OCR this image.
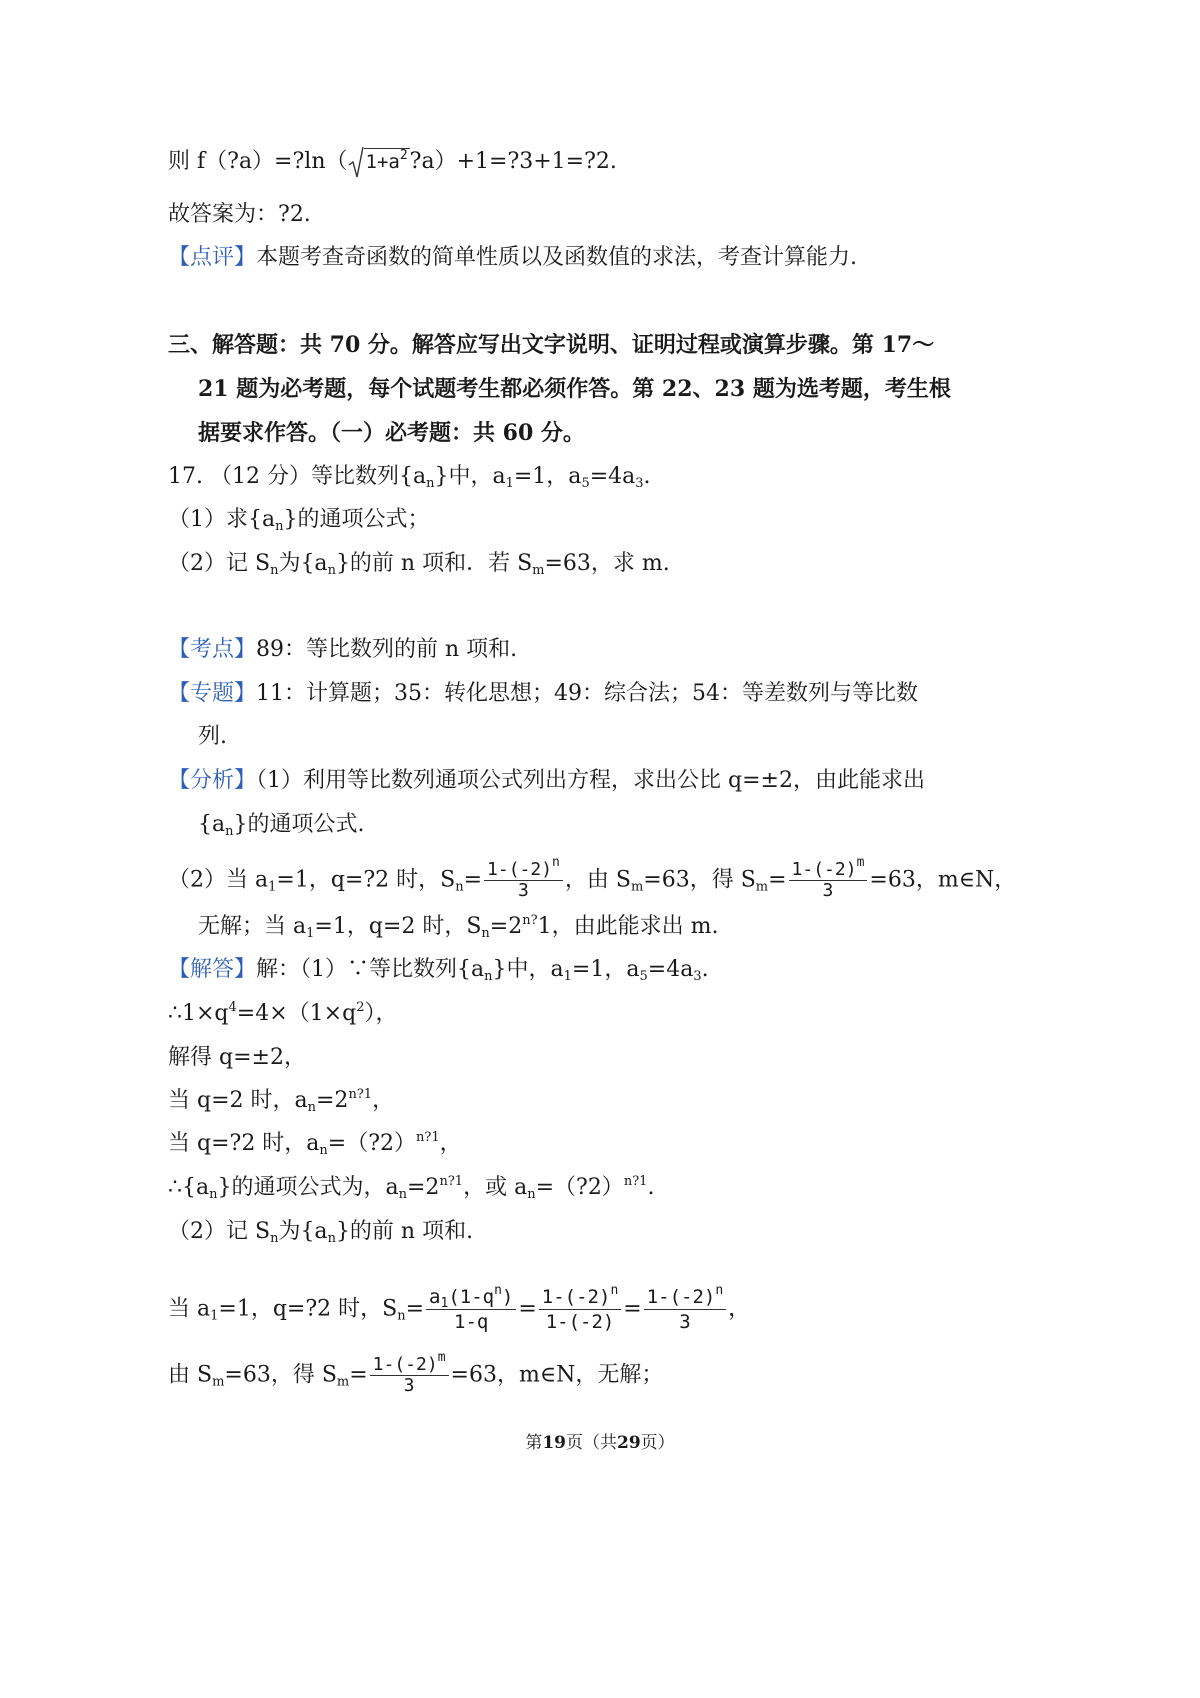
则 f（?a）=?ln（ $1+a^2?a)+1=?3+1=?2$.
故答案为：?2.
【点评】本题考查奇函数的简单性质以及函数值的求法，考查计算能力.
三、解答题：共 70 分。解答应写出文字说明、证明过程或演算步骤。第 17～
21 题为必考题，每个试题考生都必须作答。第 22、23 题为选考题，考生根
据要求作答。（一）必考题：共 60 分。
17. （12 分）等比数列$\{a_n\}$中，$a_1=1$，$a_5=4a_3$.
（1）求$\{a_n\}$的通项公式；
（2）记 $S_n$为$\{a_n\}$的前 n 项和．若 $S_m=63$，求 m.
【考点】89：等比数列的前 n 项和.
【专题】11：计算题；35：转化思想；49：综合法；54：等差数列与等比数
列.
【分析】（1）利用等比数列通项公式列出方程，求出公比 q=±2，由此能求出
$\{a_n\}$的通项公式.
（2）当 $a_1=1$，q=?2 时，$S_n= \frac{1-(-2)^n}{3}$ ，由 $S_m=63$，得 $S_m= \frac{1-(-2)^m}{3} =63$，m∈N，
无解；当 $a_1=1$，q=2 时，$S_n=2^{n?}1$，由此能求出 m.
【解答】解：（1）∵等比数列$\{a_n\}$中，$a_1=1$，$a_5=4a_3$.
$\therefore 1\times q^4=4\times(1\times q^2)$，
解得 q=±2，
当 q=2 时，$a_n=2^{n?1}$，
当 q=?2 时，$a_n=(?2)^{n?1}$，
$\therefore\{a_n\}$的通项公式为，$a_n=2^{n?1}$，或 $a_n=(?2)^{n?1}$.
（2）记 $S_n$为$\{a_n\}$的前 n 项和.
当 $a_1=1$，q=?2 时，$S_n= \frac{a_1(1-q^n)}{1-q} = \frac{1-(-2)^n}{1-(-2)} = \frac{1-(-2)^n}{3}$ ，
由 $S_m=63$，得 $S_m= \frac{1-(-2)^m}{3} =63$，m∈N，无解；
第19页（共29页）
